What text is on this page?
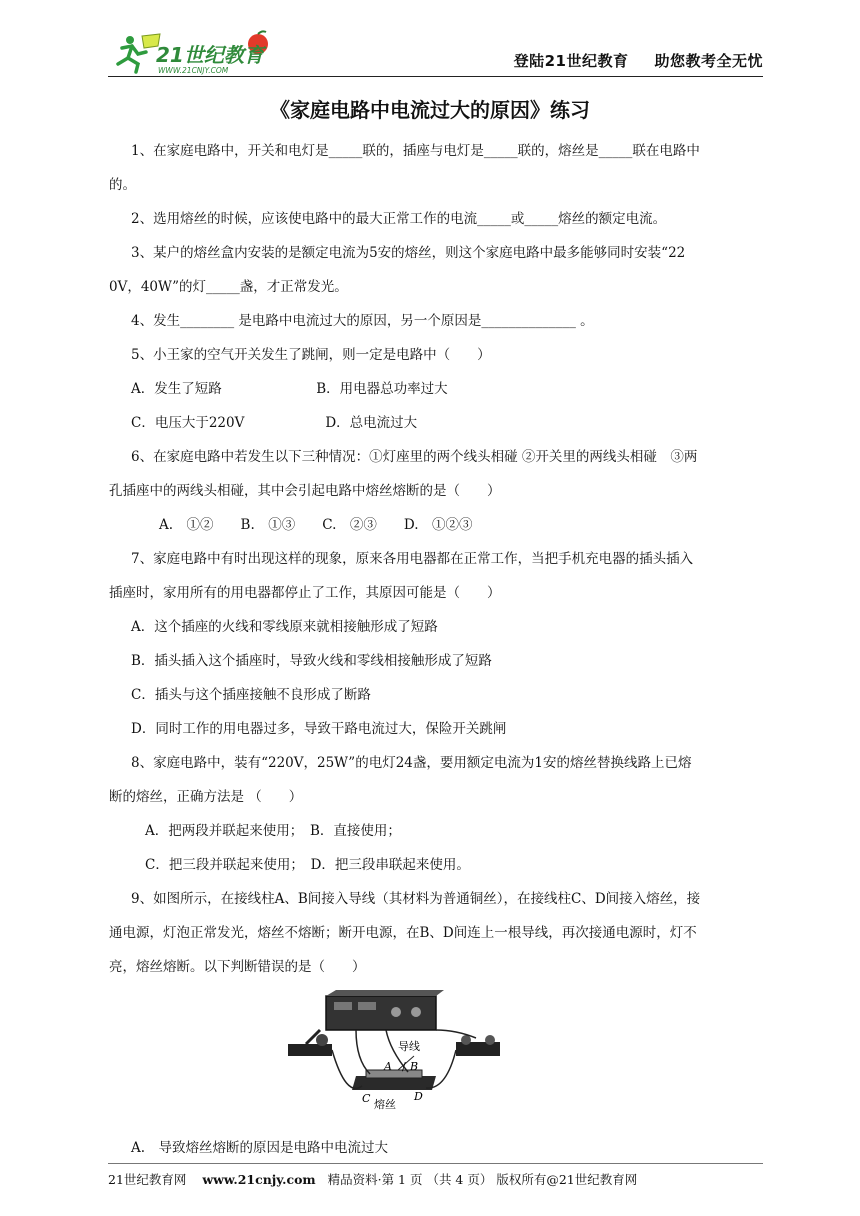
21世纪教育
WWW.21CNJY.COM
登陆21世纪教育 助您教考全无忧
《家庭电路中电流过大的原因》练习

1、在家庭电路中，开关和电灯是_____联的，插座与电灯是_____联的，熔丝是_____联在电路中

的。

2、选用熔丝的时候，应该使电路中的最大正常工作的电流_____或_____熔丝的额定电流。

3、某户的熔丝盒内安装的是额定电流为5安的熔丝，则这个家庭电路中最多能够同时安装“22

0V，40W”的灯_____盏，才正常发光。

4、发生________ 是电路中电流过大的原因，另一个原因是______________ 。

5、小王家的空气开关发生了跳闸，则一定是电路中（　　）

A．发生了短路　　　　　　　B．用电器总功率过大

C．电压大于220V　　　　　　D．总电流过大

6、在家庭电路中若发生以下三种情况：①灯座里的两个线头相碰 ②开关里的两线头相碰　③两

孔插座中的两线头相碰，其中会引起电路中熔丝熔断的是（　　）

A.　①②　　B.　①③　　C.　②③　　D.　①②③

7、家庭电路中有时出现这样的现象，原来各用电器都在正常工作，当把手机充电器的插头插入

插座时，家用所有的用电器都停止了工作，其原因可能是（　　）

A．这个插座的火线和零线原来就相接触形成了短路

B．插头插入这个插座时，导致火线和零线相接触形成了短路

C．插头与这个插座接触不良形成了断路

D．同时工作的用电器过多，导致干路电流过大，保险开关跳闸

8、家庭电路中，装有“220V，25W”的电灯24盏，要用额定电流为1安的熔丝替换线路上已熔

断的熔丝，正确方法是 （　　）

A．把两段并联起来使用；　B．直接使用；

C．把三段并联起来使用；　D．把三段串联起来使用。

9、如图所示，在接线柱A、B间接入导线（其材料为普通铜丝），在接线柱C、D间接入熔丝，接

通电源，灯泡正常发光，熔丝不熔断；断开电源，在B、D间连上一根导线，再次接通电源时，灯不

亮，熔丝熔断。以下判断错误的是（　　）

导线
A / B
C	D
熔丝

A.　导致熔丝熔断的原因是电路中电流过大

21世纪教育网 www.21cnjy.com 精品资料·第 1 页 （共 4 页） 版权所有@21世纪教育网
